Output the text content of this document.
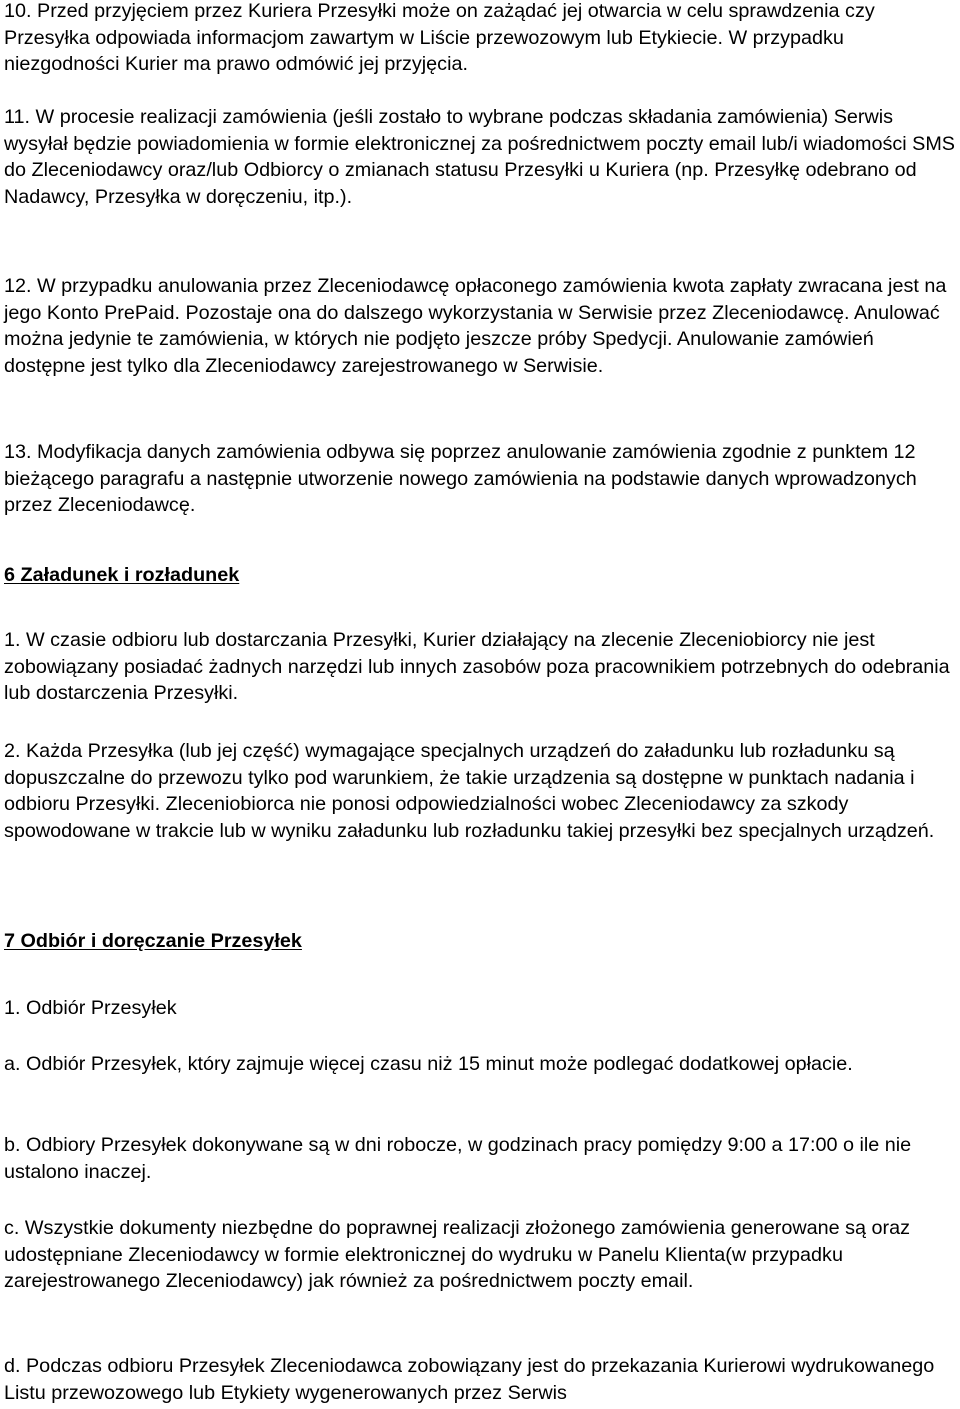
10. Przed przyjęciem przez Kuriera Przesyłki może on zażądać jej otwarcia w celu sprawdzenia czy Przesyłka odpowiada informacjom zawartym w Liście przewozowym lub Etykiecie. W przypadku niezgodności Kurier ma prawo odmówić jej przyjęcia.

11. W procesie realizacji zamówienia (jeśli zostało to wybrane podczas składania zamówienia) Serwis wysyłał będzie powiadomienia w formie elektronicznej za pośrednictwem poczty email lub/i wiadomości SMS do Zleceniodawcy oraz/lub Odbiorcy o zmianach statusu Przesyłki u Kuriera (np. Przesyłkę odebrano od Nadawcy, Przesyłka w doręczeniu, itp.).

12. W przypadku anulowania przez Zleceniodawcę opłaconego zamówienia kwota zapłaty zwracana jest na jego Konto PrePaid. Pozostaje ona do dalszego wykorzystania w Serwisie przez Zleceniodawcę. Anulować można jedynie te zamówienia, w których nie podjęto jeszcze próby Spedycji. Anulowanie zamówień dostępne jest tylko dla Zleceniodawcy zarejestrowanego w Serwisie.

13. Modyfikacja danych zamówienia odbywa się poprzez anulowanie zamówienia zgodnie z punktem 12 bieżącego paragrafu a następnie utworzenie nowego zamówienia na podstawie danych wprowadzonych przez Zleceniodawcę.

6 Załadunek i rozładunek

1. W czasie odbioru lub dostarczania Przesyłki, Kurier działający na zlecenie Zleceniobiorcy nie jest zobowiązany posiadać żadnych narzędzi lub innych zasobów poza pracownikiem potrzebnych do odebrania lub dostarczenia Przesyłki.

2. Każda Przesyłka (lub jej część) wymagające specjalnych urządzeń do załadunku lub rozładunku są dopuszczalne do przewozu tylko pod warunkiem, że takie urządzenia są dostępne w punktach nadania i odbioru Przesyłki. Zleceniobiorca nie ponosi odpowiedzialności wobec Zleceniodawcy za szkody spowodowane w trakcie lub w wyniku załadunku lub rozładunku takiej przesyłki bez specjalnych urządzeń.

7 Odbiór i doręczanie Przesyłek

1. Odbiór Przesyłek

a. Odbiór Przesyłek, który zajmuje więcej czasu niż 15 minut może podlegać dodatkowej opłacie.

b. Odbiory Przesyłek dokonywane są w dni robocze, w godzinach pracy pomiędzy 9:00 a 17:00 o ile nie ustalono inaczej.

c. Wszystkie dokumenty niezbędne do poprawnej realizacji złożonego zamówienia generowane są oraz udostępniane Zleceniodawcy w formie elektronicznej do wydruku w Panelu Klienta(w przypadku zarejestrowanego Zleceniodawcy) jak również za pośrednictwem poczty email.

d. Podczas odbioru Przesyłek Zleceniodawca zobowiązany jest do przekazania Kurierowi wydrukowanego Listu przewozowego lub Etykiety wygenerowanych przez Serwis
